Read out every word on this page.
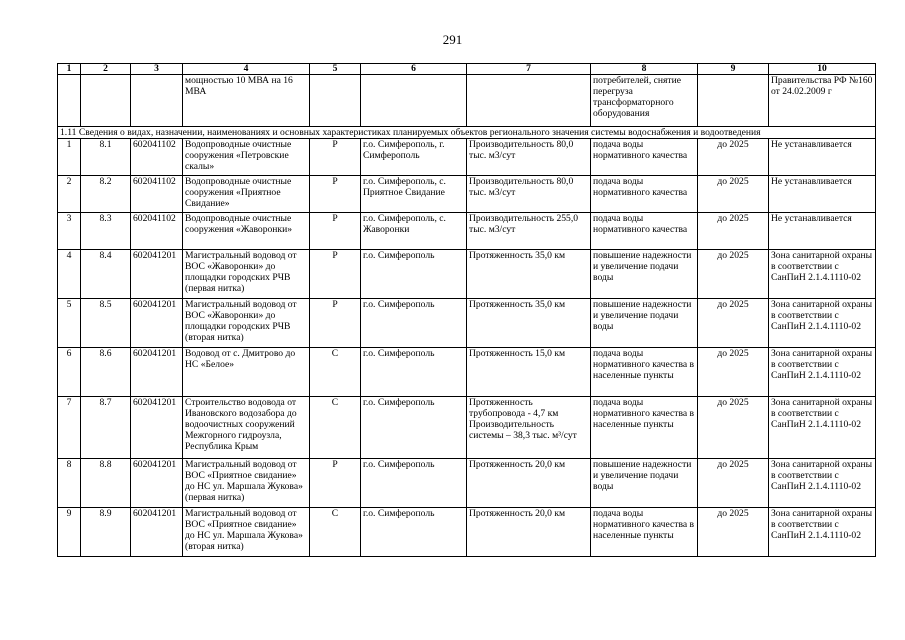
291
1	2	3	4	5	6	7	8	9	10
			мощностью 10 МВА на 16 МВА				потребителей, снятие перегруза трансформаторного оборудования		Правительства РФ №160 от 24.02.2009 г
1.11 Сведения о видах, назначении, наименованиях и основных характеристиках планируемых объектов регионального значения системы водоснабжения и водоотведения									
1	8.1	602041102	Водопроводные очистные сооружения «Петровские скалы»	Р	г.о. Симферополь, г. Симферополь	Производительность 80,0 тыс. м3/сут	подача воды нормативного качества	до 2025	Не устанавливается
2	8.2	602041102	Водопроводные очистные сооружения «Приятное Свидание»	Р	г.о. Симферополь, с. Приятное Свидание	Производительность 80,0 тыс. м3/сут	подача воды нормативного качества	до 2025	Не устанавливается
3	8.3	602041102	Водопроводные очистные сооружения «Жаворонки»	Р	г.о. Симферополь, с. Жаворонки	Производительность 255,0 тыс. м3/сут	подача воды нормативного качества	до 2025	Не устанавливается
4	8.4	602041201	Магистральный водовод от ВОС «Жаворонки» до площадки городских РЧВ (первая нитка)	Р	г.о. Симферополь	Протяженность 35,0 км	повышение надежности и увеличение подачи воды	до 2025	Зона санитарной охраны в соответствии с СанПиН 2.1.4.1110-02
5	8.5	602041201	Магистральный водовод от ВОС «Жаворонки» до площадки городских РЧВ (вторая нитка)	Р	г.о. Симферополь	Протяженность 35,0 км	повышение надежности и увеличение подачи воды	до 2025	Зона санитарной охраны в соответствии с СанПиН 2.1.4.1110-02
6	8.6	602041201	Водовод от с. Дмитрово до НС «Белое»	С	г.о. Симферополь	Протяженность 15,0 км	подача воды нормативного качества в населенные пункты	до 2025	Зона санитарной охраны в соответствии с СанПиН 2.1.4.1110-02
7	8.7	602041201	Строительство водовода от Ивановского водозабора до водоочистных сооружений Межгорного гидроузла, Республика Крым	С	г.о. Симферополь	Протяженность трубопровода - 4,7 км Производительность системы – 38,3 тыс. м³/сут	подача воды нормативного качества в населенные пункты	до 2025	Зона санитарной охраны в соответствии с СанПиН 2.1.4.1110-02
8	8.8	602041201	Магистральный водовод от ВОС «Приятное свидание» до НС ул. Маршала Жукова» (первая нитка)	Р	г.о. Симферополь	Протяженность 20,0 км	повышение надежности и увеличение подачи воды	до 2025	Зона санитарной охраны в соответствии с СанПиН 2.1.4.1110-02
9	8.9	602041201	Магистральный водовод от ВОС «Приятное свидание» до НС ул. Маршала Жукова» (вторая нитка)	С	г.о. Симферополь	Протяженность 20,0 км	подача воды нормативного качества в населенные пункты	до 2025	Зона санитарной охраны в соответствии с СанПиН 2.1.4.1110-02
